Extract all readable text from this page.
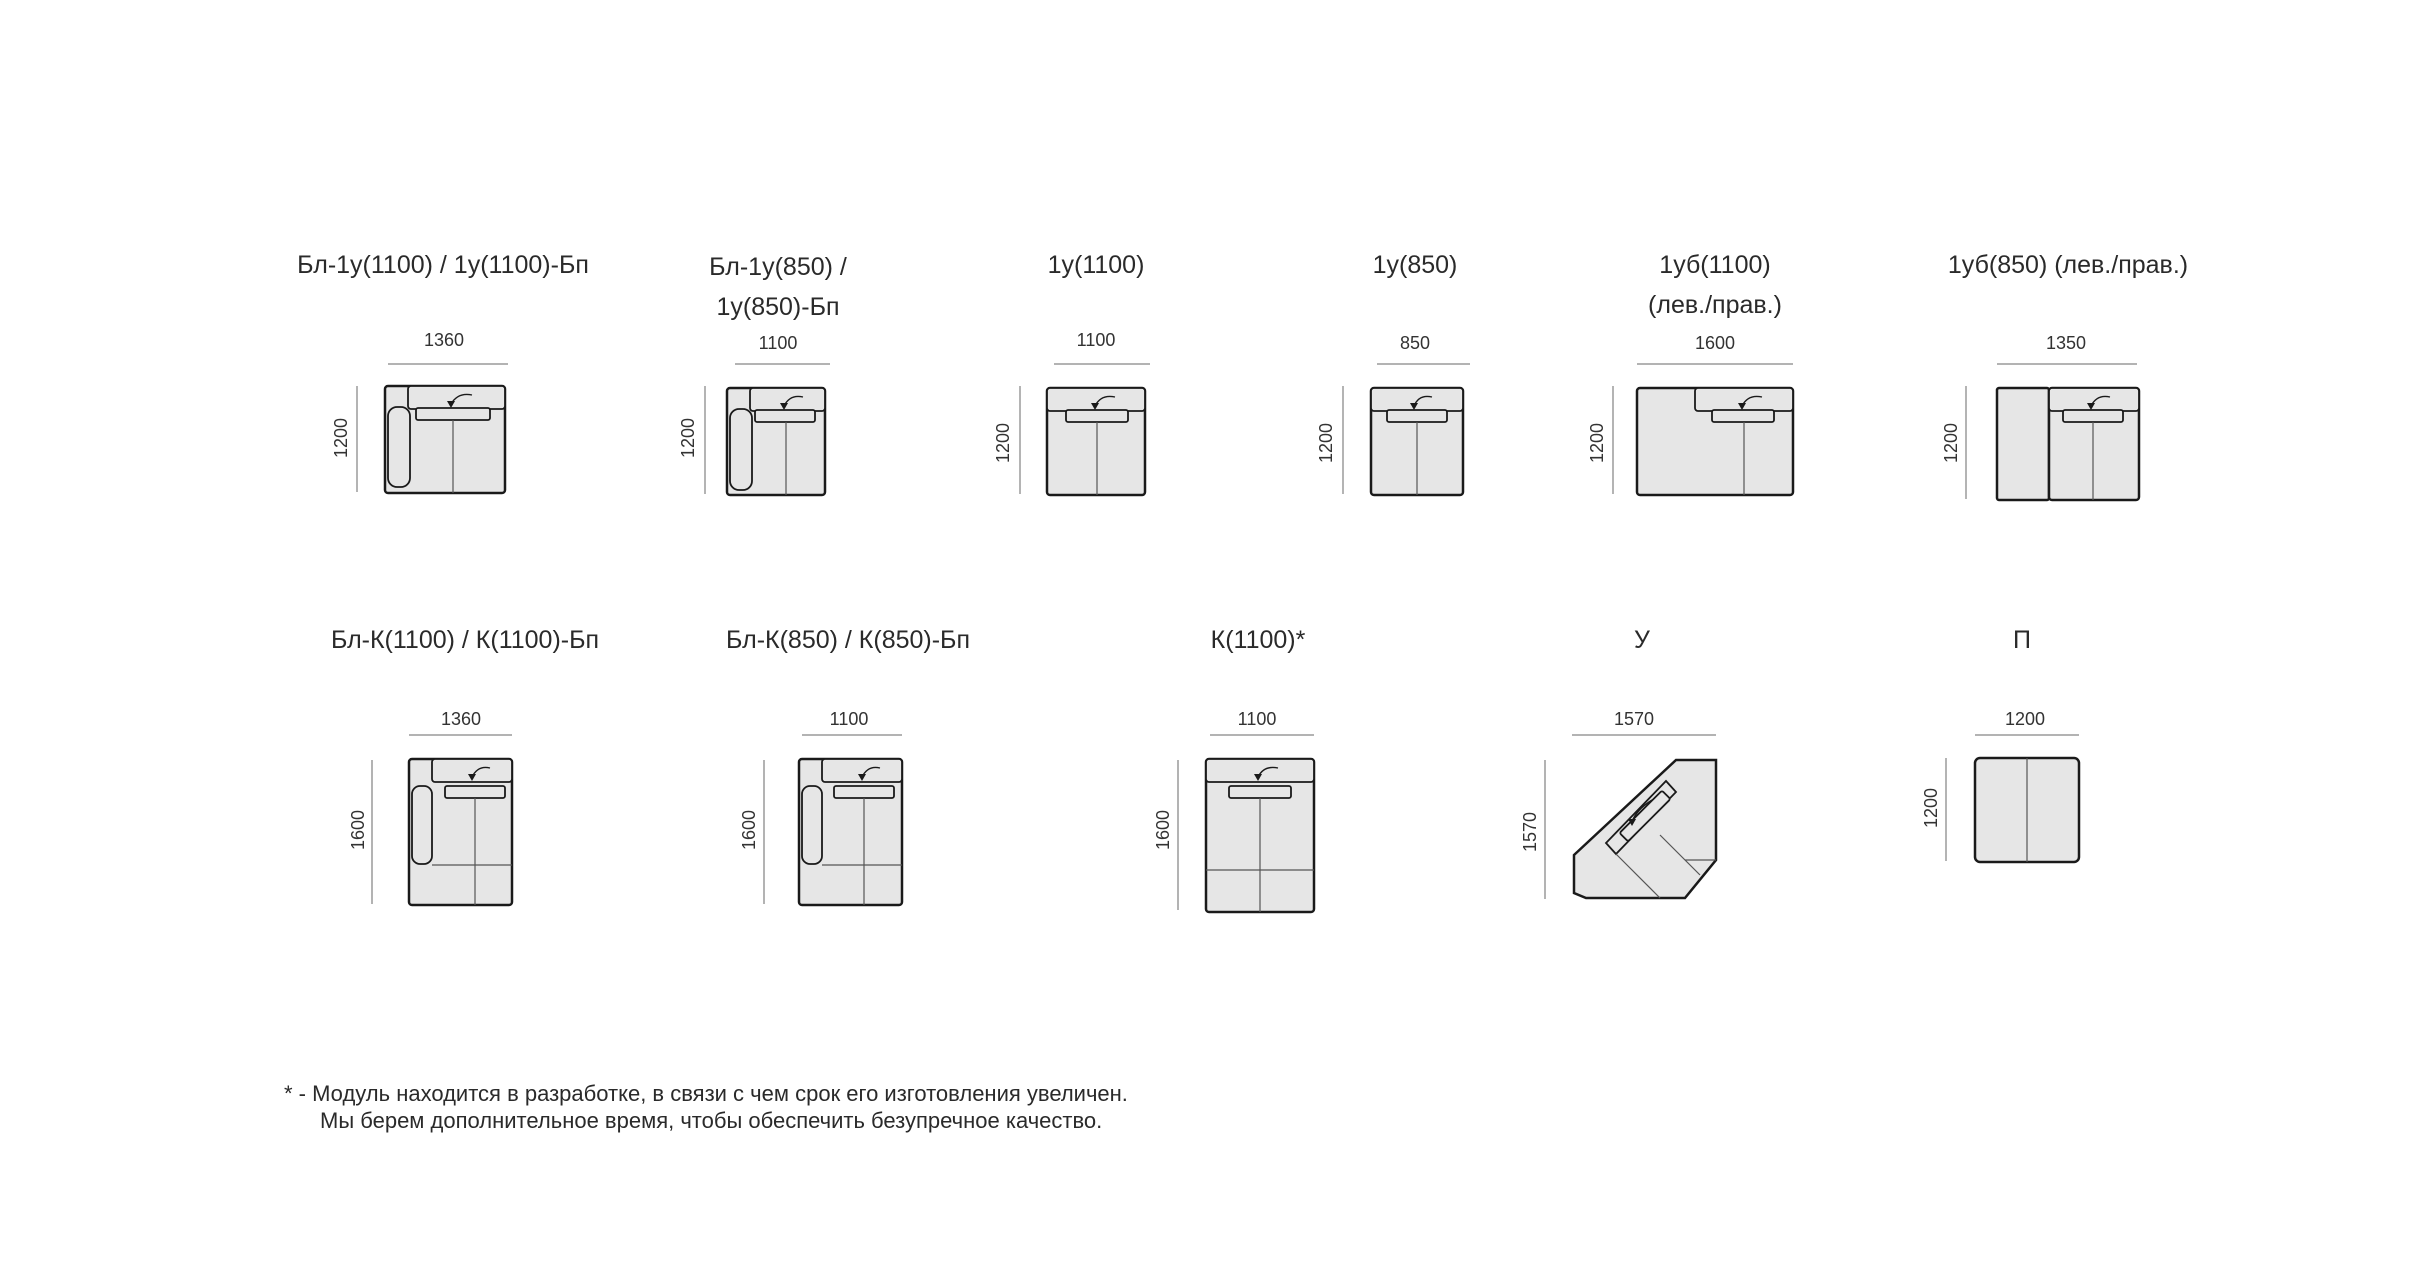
Бл-1у(1100) / 1у(1100)-Бп	Бл-1у(850) /
1у(850)-Бп
1у(1100)	1у(850)	1уб(1100)
(лев./прав.)
1уб(850) (лев./прав.)
Бл-К(1100) / К(1100)-Бп	Бл-К(850) / К(850)-Бп	К(1100)*	У	П
1360	1100	1100	850	1600	1350
1360	1100	1100	1570	1200
1200	1200	1200	1200	1200	1200
1600	1600	1600	1570
1200
* - Модуль находится в разработке, в связи с чем срок его изготовления увеличен.
Мы берем дополнительное время, чтобы обеспечить безупречное качество.
